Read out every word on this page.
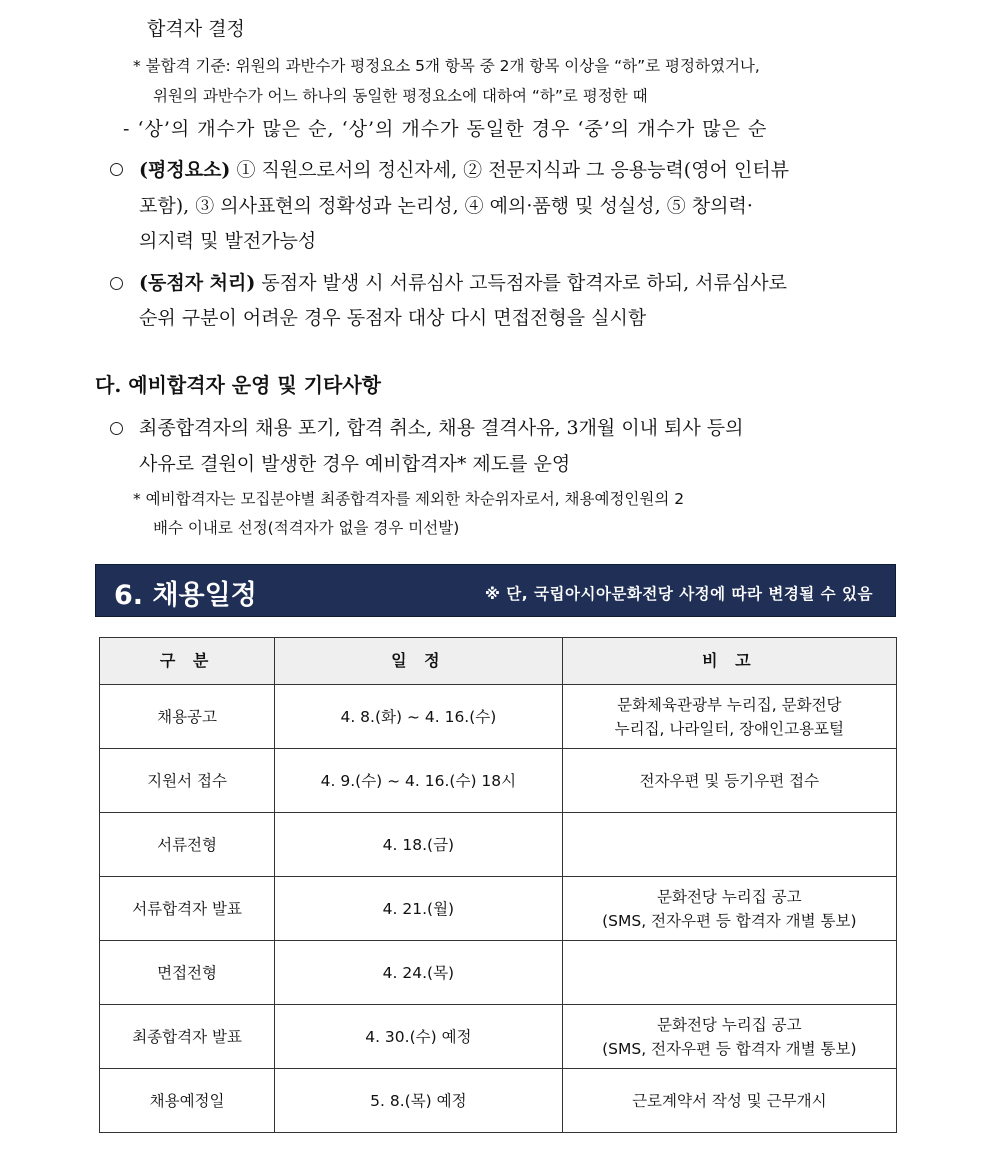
합격자 결정
* 불합격 기준: 위원의 과반수가 평정요소 5개 항목 중 2개 항목 이상을 “하”로 평정하였거나,
위원의 과반수가 어느 하나의 동일한 평정요소에 대하여 “하”로 평정한 때
- ‘상’의 개수가 많은 순, ‘상’의 개수가 동일한 경우 ‘중’의 개수가 많은 순
(평정요소) ① 직원으로서의 정신자세, ② 전문지식과 그 응용능력(영어 인터뷰
포함), ③ 의사표현의 정확성과 논리성, ④ 예의·품행 및 성실성, ⑤ 창의력·
의지력 및 발전가능성
(동점자 처리) 동점자 발생 시 서류심사 고득점자를 합격자로 하되, 서류심사로
순위 구분이 어려운 경우 동점자 대상 다시 면접전형을 실시함
다. 예비합격자 운영 및 기타사항
최종합격자의 채용 포기, 합격 취소, 채용 결격사유, 3개월 이내 퇴사 등의
사유로 결원이 발생한 경우 예비합격자* 제도를 운영
* 예비합격자는 모집분야별 최종합격자를 제외한 차순위자로서, 채용예정인원의 2
배수 이내로 선정(적격자가 없을 경우 미선발)
6. 채용일정	※ 단, 국립아시아문화전당 사정에 따라 변경될 수 있음
구 분	일 정	비 고
채용공고	4. 8.(화) ~ 4. 16.(수)	문화체육관광부 누리집, 문화전당
누리집, 나라일터, 장애인고용포털

지원서 접수	4. 9.(수) ~ 4. 16.(수) 18시	전자우편 및 등기우편 접수

서류전형	4. 18.(금)	
서류합격자 발표	4. 21.(월)	문화전당 누리집 공고
(SMS, 전자우편 등 합격자 개별 통보)

면접전형	4. 24.(목)	
최종합격자 발표	4. 30.(수) 예정	문화전당 누리집 공고
(SMS, 전자우편 등 합격자 개별 통보)

채용예정일	5. 8.(목) 예정	근로계약서 작성 및 근무개시
